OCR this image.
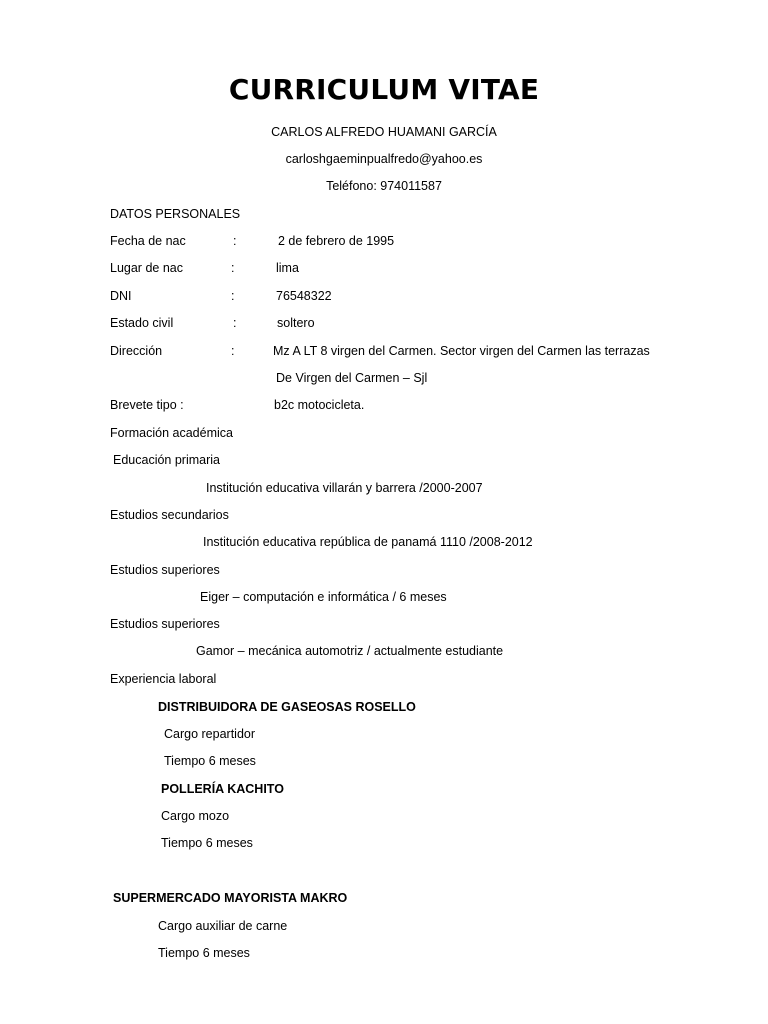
CURRICULUM VITAE
CARLOS ALFREDO HUAMANI GARCÍA
carloshgaeminpualfredo@yahoo.es
Teléfono: 974011587
DATOS PERSONALES
Fecha de nac	:	2 de febrero de 1995
Lugar de nac	:	lima
DNI	:	76548322
Estado civil	:	soltero
Dirección	:	Mz A LT 8 virgen del Carmen. Sector virgen del Carmen las terrazas
De Virgen del Carmen – Sjl
Brevete tipo :	b2c motocicleta.
Formación académica
Educación primaria
Institución educativa villarán y barrera /2000-2007
Estudios secundarios
Institución educativa república de panamá 1110 /2008-2012
Estudios superiores
Eiger – computación e informática / 6 meses
Estudios superiores
Gamor – mecánica automotriz / actualmente estudiante
Experiencia laboral
DISTRIBUIDORA DE GASEOSAS ROSELLO
Cargo repartidor
Tiempo 6 meses
POLLERÍA KACHITO
Cargo mozo
Tiempo 6 meses
SUPERMERCADO MAYORISTA MAKRO
Cargo auxiliar de carne
Tiempo 6 meses
